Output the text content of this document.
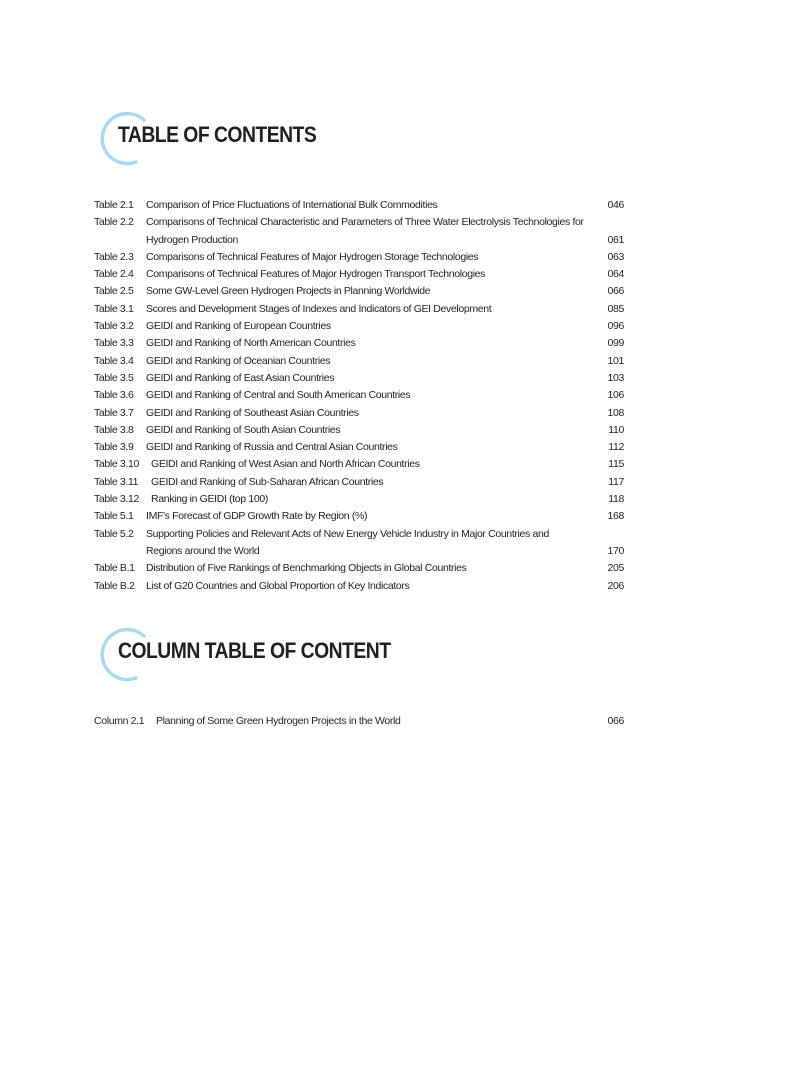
TABLE OF CONTENTS
Table 2.1 Comparison of Price Fluctuations of International Bulk Commodities	046
Table 2.2 Comparisons of Technical Characteristic and Parameters of Three Water Electrolysis Technologies for Hydrogen Production	061
Table 2.3 Comparisons of Technical Features of Major Hydrogen Storage Technologies	063
Table 2.4 Comparisons of Technical Features of Major Hydrogen Transport Technologies	064
Table 2.5 Some GW-Level Green Hydrogen Projects in Planning Worldwide	066
Table 3.1 Scores and Development Stages of Indexes and Indicators of GEI Development	085
Table 3.2 GEIDI and Ranking of European Countries	096
Table 3.3 GEIDI and Ranking of North American Countries	099
Table 3.4 GEIDI and Ranking of Oceanian Countries	101
Table 3.5 GEIDI and Ranking of East Asian Countries	103
Table 3.6 GEIDI and Ranking of Central and South American Countries	106
Table 3.7 GEIDI and Ranking of Southeast Asian Countries	108
Table 3.8 GEIDI and Ranking of South Asian Countries	110
Table 3.9 GEIDI and Ranking of Russia and Central Asian Countries	112
Table 3.10 GEIDI and Ranking of West Asian and North African Countries	115
Table 3.11 GEIDI and Ranking of Sub-Saharan African Countries	117
Table 3.12 Ranking in GEIDI (top 100)	118
Table 5.1 IMF's Forecast of GDP Growth Rate by Region (%)	168
Table 5.2 Supporting Policies and Relevant Acts of New Energy Vehicle Industry in Major Countries and Regions around the World	170
Table B.1 Distribution of Five Rankings of Benchmarking Objects in Global Countries	205
Table B.2 List of G20 Countries and Global Proportion of Key Indicators	206
COLUMN TABLE OF CONTENT
Column 2.1 Planning of Some Green Hydrogen Projects in the World	066
